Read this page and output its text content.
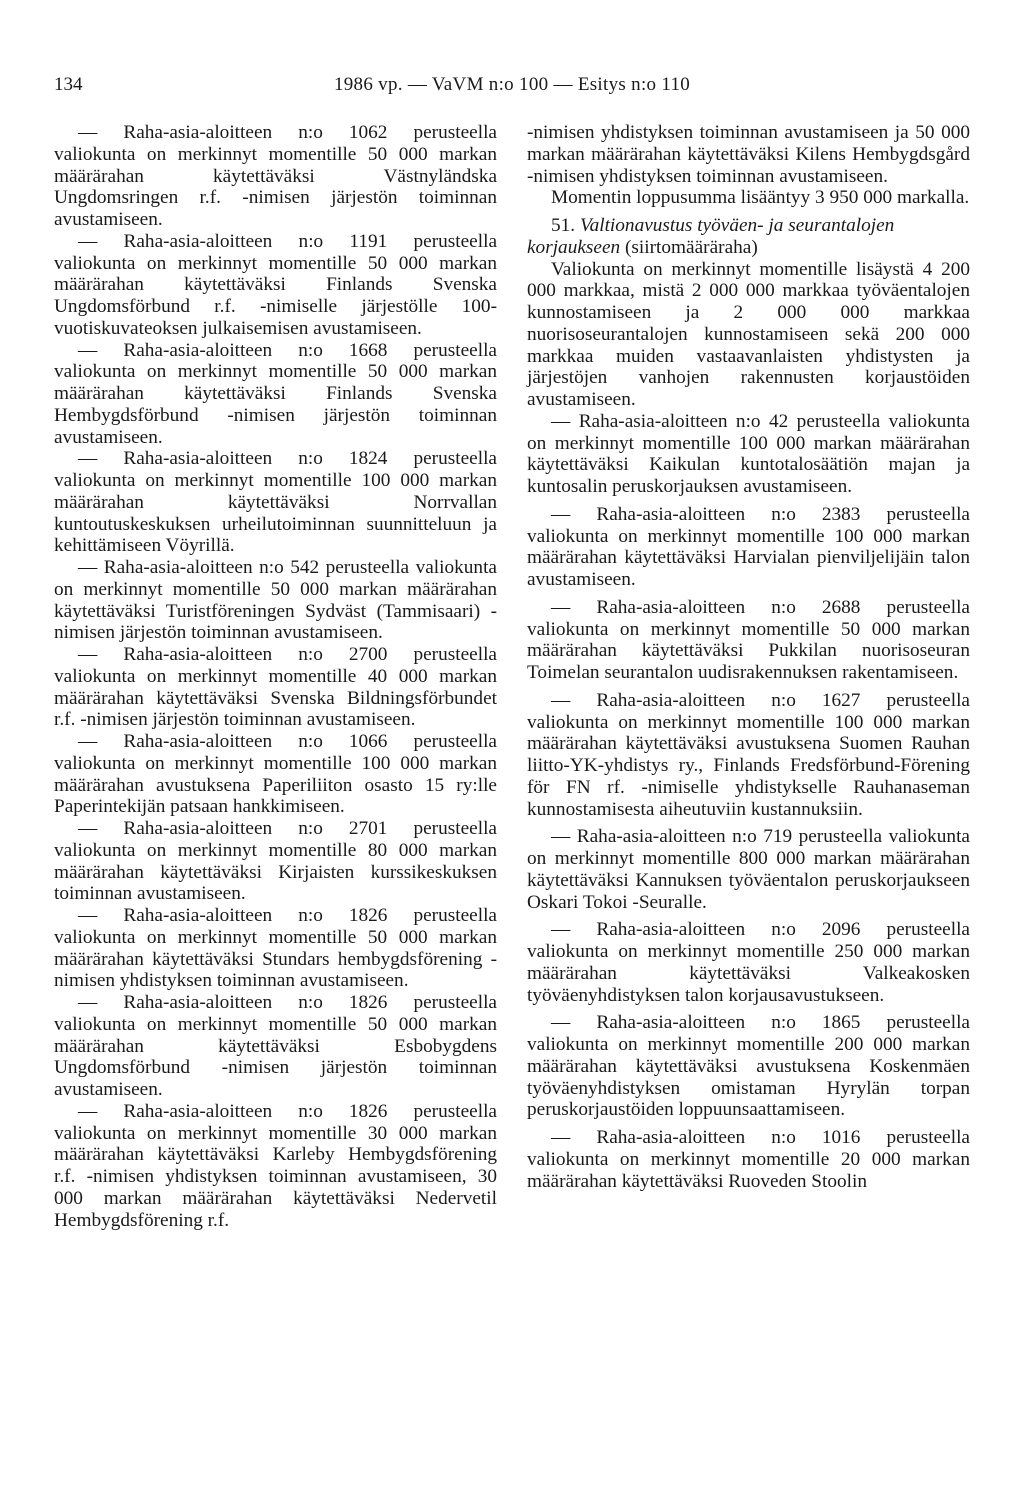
134	1986 vp. — VaVM n:o 100 — Esitys n:o 110

— Raha-asia-aloitteen n:o 1062 perusteella valiokunta on merkinnyt momentille 50 000 markan määrärahan käytettäväksi Västnyländska Ungdomsringen r.f. -nimisen järjestön toiminnan avustamiseen.

— Raha-asia-aloitteen n:o 1191 perusteella valiokunta on merkinnyt momentille 50 000 markan määrärahan käytettäväksi Finlands Svenska Ungdomsförbund r.f. -nimiselle järjestölle 100-vuotiskuvateoksen julkaisemisen avustamiseen.

— Raha-asia-aloitteen n:o 1668 perusteella valiokunta on merkinnyt momentille 50 000 markan määrärahan käytettäväksi Finlands Svenska Hembygdsförbund -nimisen järjestön toiminnan avustamiseen.

— Raha-asia-aloitteen n:o 1824 perusteella valiokunta on merkinnyt momentille 100 000 markan määrärahan käytettäväksi Norrvallan kuntoutuskeskuksen urheilutoiminnan suunnitteluun ja kehittämiseen Vöyrillä.

— Raha-asia-aloitteen n:o 542 perusteella valiokunta on merkinnyt momentille 50 000 markan määrärahan käytettäväksi Turistföreningen Sydväst (Tammisaari) -nimisen järjestön toiminnan avustamiseen.

— Raha-asia-aloitteen n:o 2700 perusteella valiokunta on merkinnyt momentille 40 000 markan määrärahan käytettäväksi Svenska Bildningsförbundet r.f. -nimisen järjestön toiminnan avustamiseen.

— Raha-asia-aloitteen n:o 1066 perusteella valiokunta on merkinnyt momentille 100 000 markan määrärahan avustuksena Paperiliiton osasto 15 ry:lle Paperintekijän patsaan hankkimiseen.

— Raha-asia-aloitteen n:o 2701 perusteella valiokunta on merkinnyt momentille 80 000 markan määrärahan käytettäväksi Kirjaisten kurssikeskuksen toiminnan avustamiseen.

— Raha-asia-aloitteen n:o 1826 perusteella valiokunta on merkinnyt momentille 50 000 markan määrärahan käytettäväksi Stundars hembygdsförening -nimisen yhdistyksen toiminnan avustamiseen.

— Raha-asia-aloitteen n:o 1826 perusteella valiokunta on merkinnyt momentille 50 000 markan määrärahan käytettäväksi Esbobygdens Ungdomsförbund -nimisen järjestön toiminnan avustamiseen.

— Raha-asia-aloitteen n:o 1826 perusteella valiokunta on merkinnyt momentille 30 000 markan määrärahan käytettäväksi Karleby Hembygdsförening r.f. -nimisen yhdistyksen toiminnan avustamiseen, 30 000 markan määrärahan käytettäväksi Nedervetil Hembygdsförening r.f.

-nimisen yhdistyksen toiminnan avustamiseen ja 50 000 markan määrärahan käytettäväksi Kilens Hembygdsgård -nimisen yhdistyksen toiminnan avustamiseen.

Momentin loppusumma lisääntyy 3 950 000 markalla.

51. Valtionavustus työväen- ja seurantalojen korjaukseen (siirtomääräraha)

Valiokunta on merkinnyt momentille lisäystä 4 200 000 markkaa, mistä 2 000 000 markkaa työväentalojen kunnostamiseen ja 2 000 000 markkaa nuorisoseurantalojen kunnostamiseen sekä 200 000 markkaa muiden vastaavanlaisten yhdistysten ja järjestöjen vanhojen rakennusten korjaustöiden avustamiseen.

— Raha-asia-aloitteen n:o 42 perusteella valiokunta on merkinnyt momentille 100 000 markan määrärahan käytettäväksi Kaikulan kuntotalosäätiön majan ja kuntosalin peruskorjauksen avustamiseen.

— Raha-asia-aloitteen n:o 2383 perusteella valiokunta on merkinnyt momentille 100 000 markan määrärahan käytettäväksi Harvialan pienviljelijäin talon avustamiseen.

— Raha-asia-aloitteen n:o 2688 perusteella valiokunta on merkinnyt momentille 50 000 markan määrärahan käytettäväksi Pukkilan nuorisoseuran Toimelan seurantalon uudisrakennuksen rakentamiseen.

— Raha-asia-aloitteen n:o 1627 perusteella valiokunta on merkinnyt momentille 100 000 markan määrärahan käytettäväksi avustuksena Suomen Rauhan liitto-YK-yhdistys ry., Finlands Fredsförbund-Förening för FN rf. -nimiselle yhdistykselle Rauhanaseman kunnostamisesta aiheutuviin kustannuksiin.

— Raha-asia-aloitteen n:o 719 perusteella valiokunta on merkinnyt momentille 800 000 markan määrärahan käytettäväksi Kannuksen työväentalon peruskorjaukseen Oskari Tokoi -Seuralle.

— Raha-asia-aloitteen n:o 2096 perusteella valiokunta on merkinnyt momentille 250 000 markan määrärahan käytettäväksi Valkeakosken työväenyhdistyksen talon korjausavustukseen.

— Raha-asia-aloitteen n:o 1865 perusteella valiokunta on merkinnyt momentille 200 000 markan määrärahan käytettäväksi avustuksena Koskenmäen työväenyhdistyksen omistaman Hyrylän torpan peruskorjaustöiden loppuunsaattamiseen.

— Raha-asia-aloitteen n:o 1016 perusteella valiokunta on merkinnyt momentille 20 000 markan määrärahan käytettäväksi Ruoveden Stoolin
